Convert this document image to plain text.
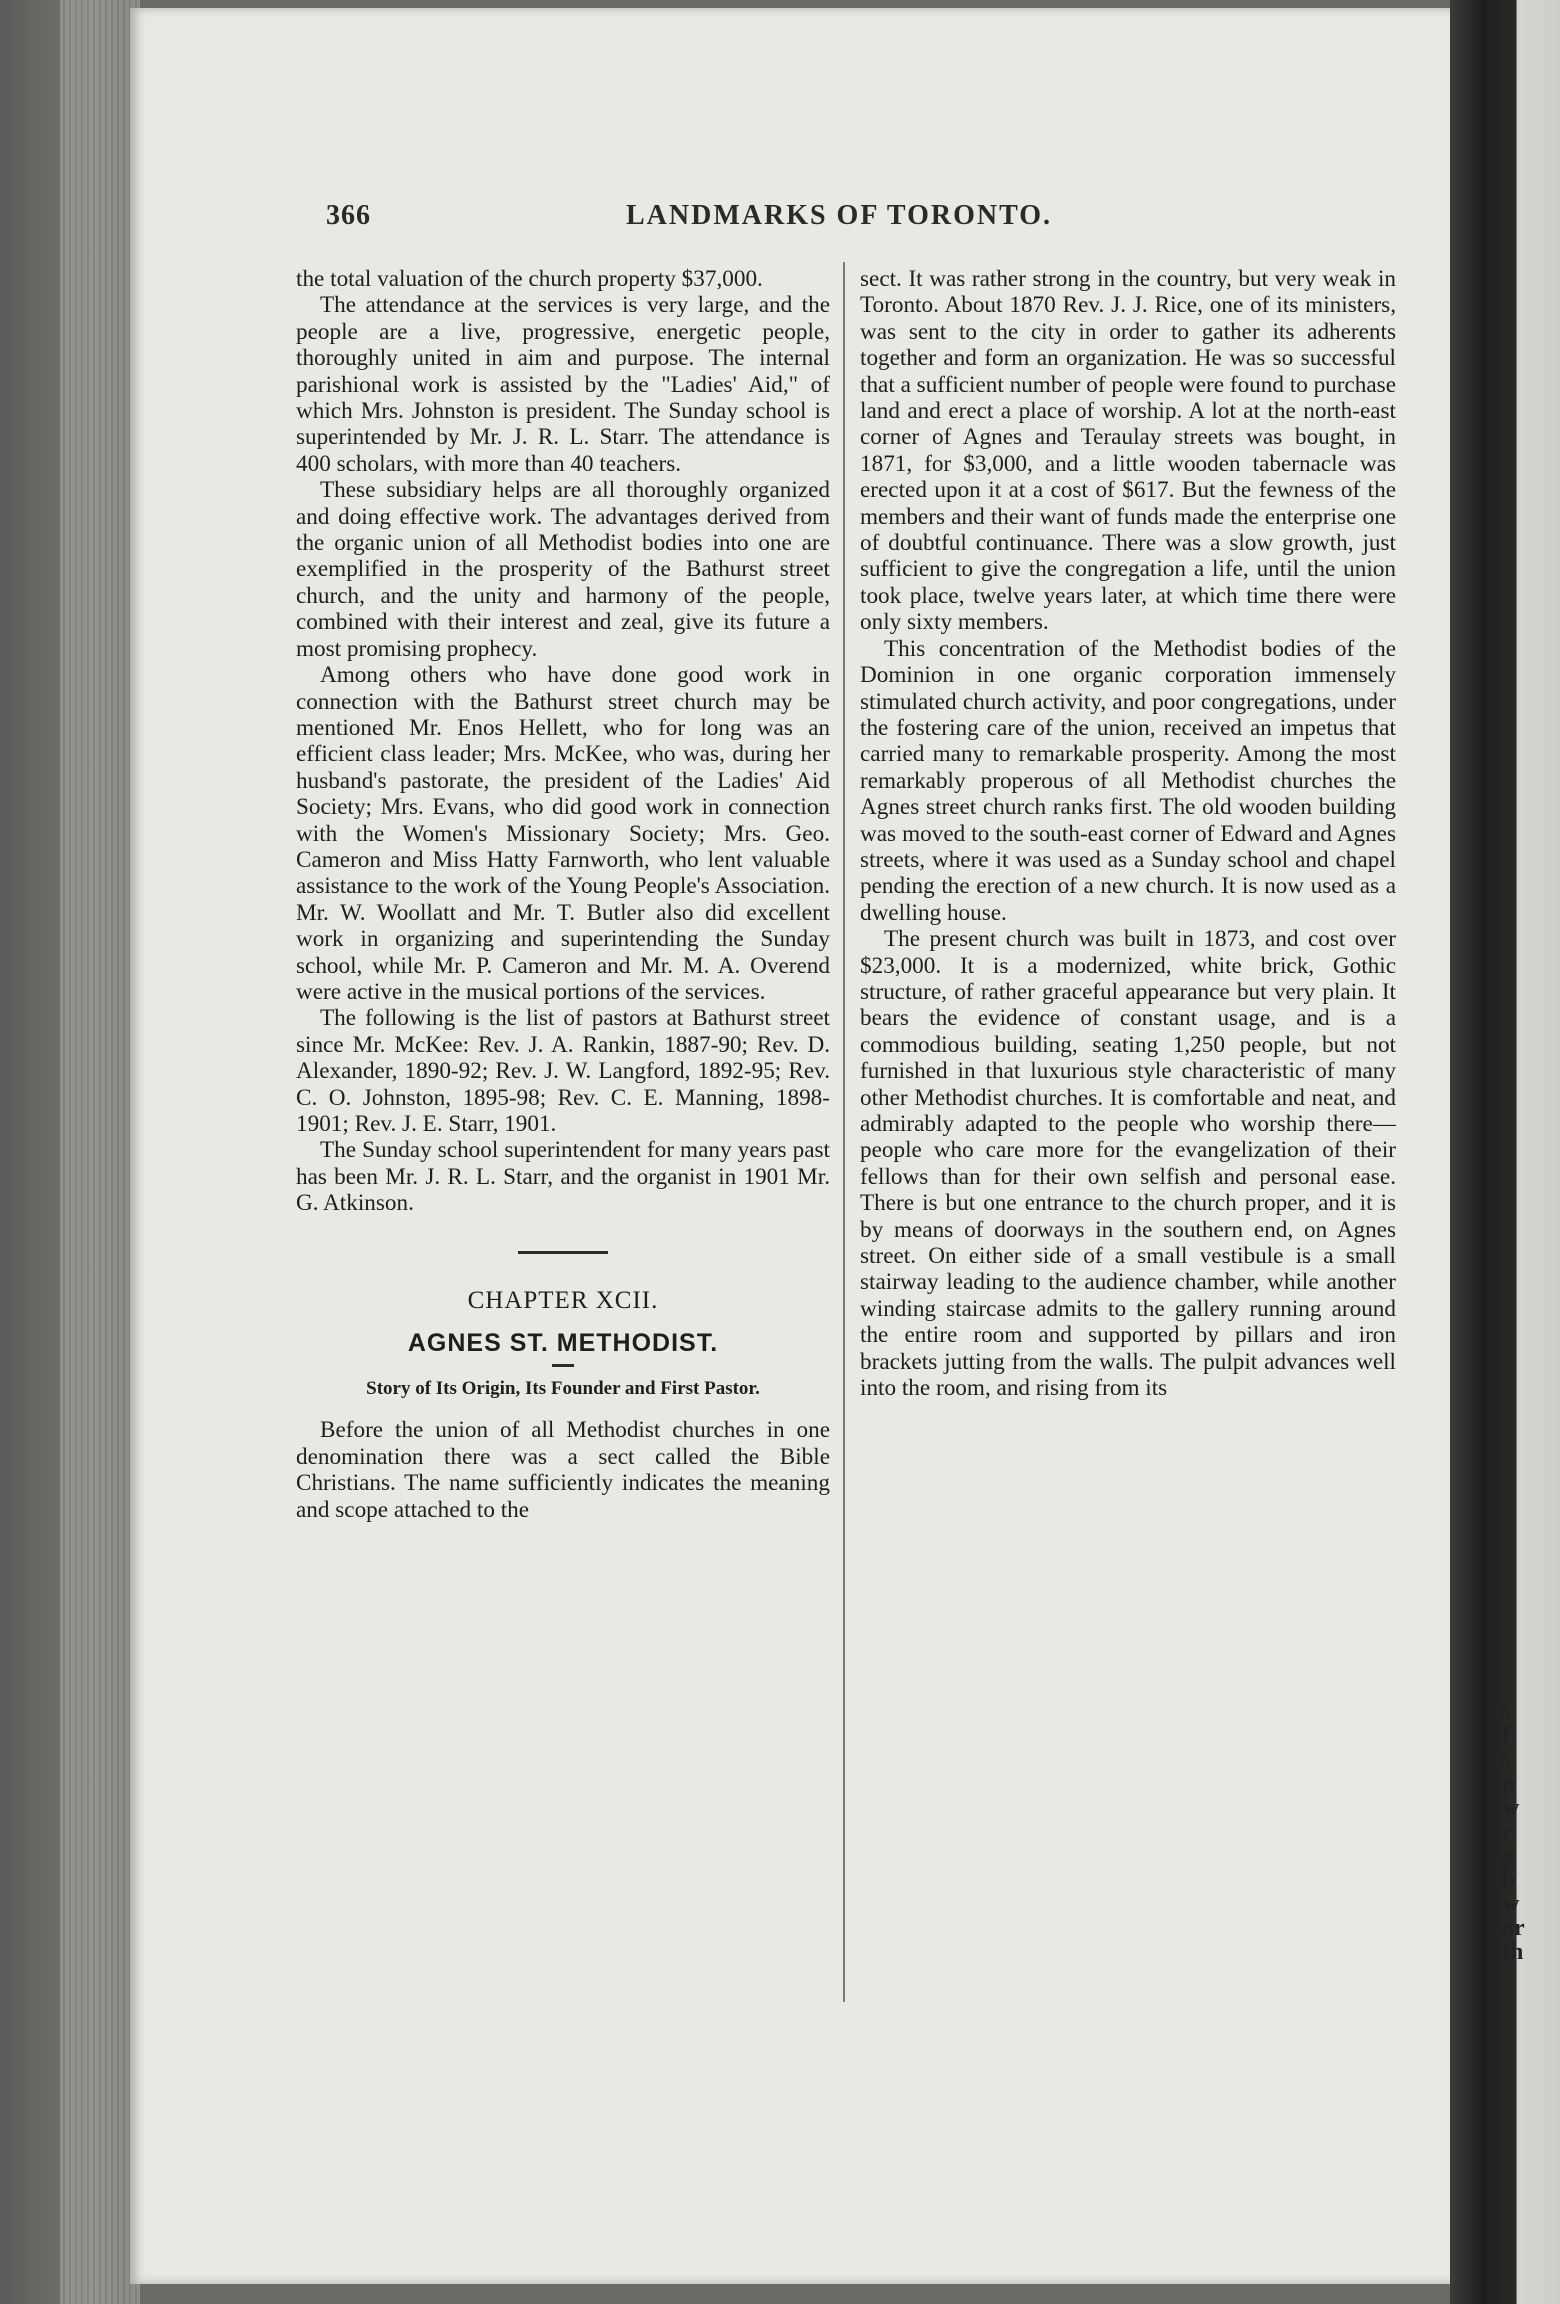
s
f
s
p
w
r
g
b
w
ar
th
366	LANDMARKS OF TORONTO.

the total valuation of the church property $37,000.

The attendance at the services is very large, and the people are a live, progressive, energetic people, thoroughly united in aim and purpose. The internal parishional work is assisted by the "Ladies' Aid," of which Mrs. Johnston is president. The Sunday school is superintended by Mr. J. R. L. Starr. The attendance is 400 scholars, with more than 40 teachers.

These subsidiary helps are all thoroughly organized and doing effective work. The advantages derived from the organic union of all Methodist bodies into one are exemplified in the prosperity of the Bathurst street church, and the unity and harmony of the people, combined with their interest and zeal, give its future a most promising prophecy.

Among others who have done good work in connection with the Bathurst street church may be mentioned Mr. Enos Hellett, who for long was an efficient class leader; Mrs. McKee, who was, during her husband's pastorate, the president of the Ladies' Aid Society; Mrs. Evans, who did good work in connection with the Women's Missionary Society; Mrs. Geo. Cameron and Miss Hatty Farnworth, who lent valuable assistance to the work of the Young People's Association. Mr. W. Woollatt and Mr. T. Butler also did excellent work in organizing and superintending the Sunday school, while Mr. P. Cameron and Mr. M. A. Overend were active in the musical portions of the services.

The following is the list of pastors at Bathurst street since Mr. McKee: Rev. J. A. Rankin, 1887-90; Rev. D. Alexander, 1890-92; Rev. J. W. Langford, 1892-95; Rev. C. O. Johnston, 1895-98; Rev. C. E. Manning, 1898-1901; Rev. J. E. Starr, 1901.

The Sunday school superintendent for many years past has been Mr. J. R. L. Starr, and the organist in 1901 Mr. G. Atkinson.

CHAPTER XCII.
AGNES ST. METHODIST.
Story of Its Origin, Its Founder and First Pastor.

Before the union of all Methodist churches in one denomination there was a sect called the Bible Christians. The name sufficiently indicates the meaning and scope attached to the

sect. It was rather strong in the country, but very weak in Toronto. About 1870 Rev. J. J. Rice, one of its ministers, was sent to the city in order to gather its adherents together and form an organization. He was so successful that a sufficient number of people were found to purchase land and erect a place of worship. A lot at the north-east corner of Agnes and Teraulay streets was bought, in 1871, for $3,000, and a little wooden tabernacle was erected upon it at a cost of $617. But the fewness of the members and their want of funds made the enterprise one of doubtful continuance. There was a slow growth, just sufficient to give the congregation a life, until the union took place, twelve years later, at which time there were only sixty members.

This concentration of the Methodist bodies of the Dominion in one organic corporation immensely stimulated church activity, and poor congregations, under the fostering care of the union, received an impetus that carried many to remarkable prosperity. Among the most remarkably properous of all Methodist churches the Agnes street church ranks first. The old wooden building was moved to the south-east corner of Edward and Agnes streets, where it was used as a Sunday school and chapel pending the erection of a new church. It is now used as a dwelling house.

The present church was built in 1873, and cost over $23,000. It is a modernized, white brick, Gothic structure, of rather graceful appearance but very plain. It bears the evidence of constant usage, and is a commodious building, seating 1,250 people, but not furnished in that luxurious style characteristic of many other Methodist churches. It is comfortable and neat, and admirably adapted to the people who worship there—people who care more for the evangelization of their fellows than for their own selfish and personal ease. There is but one entrance to the church proper, and it is by means of doorways in the southern end, on Agnes street. On either side of a small vestibule is a small stairway leading to the audience chamber, while another winding staircase admits to the gallery running around the entire room and supported by pillars and iron brackets jutting from the walls. The pulpit advances well into the room, and rising from its
